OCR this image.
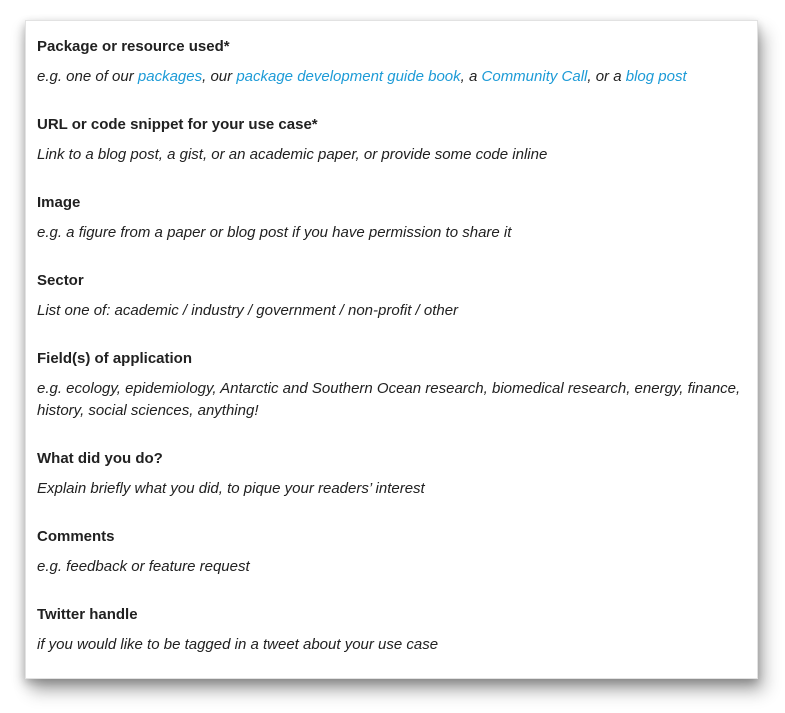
Package or resource used*

e.g. one of our packages, our package development guide book, a Community Call, or a blog post

URL or code snippet for your use case*

Link to a blog post, a gist, or an academic paper, or provide some code inline

Image

e.g. a figure from a paper or blog post if you have permission to share it

Sector

List one of: academic / industry / government / non-profit / other

Field(s) of application

e.g. ecology, epidemiology, Antarctic and Southern Ocean research, biomedical research, energy, finance, history, social sciences, anything!

What did you do?

Explain briefly what you did, to pique your readers’ interest

Comments

e.g. feedback or feature request

Twitter handle

if you would like to be tagged in a tweet about your use case
